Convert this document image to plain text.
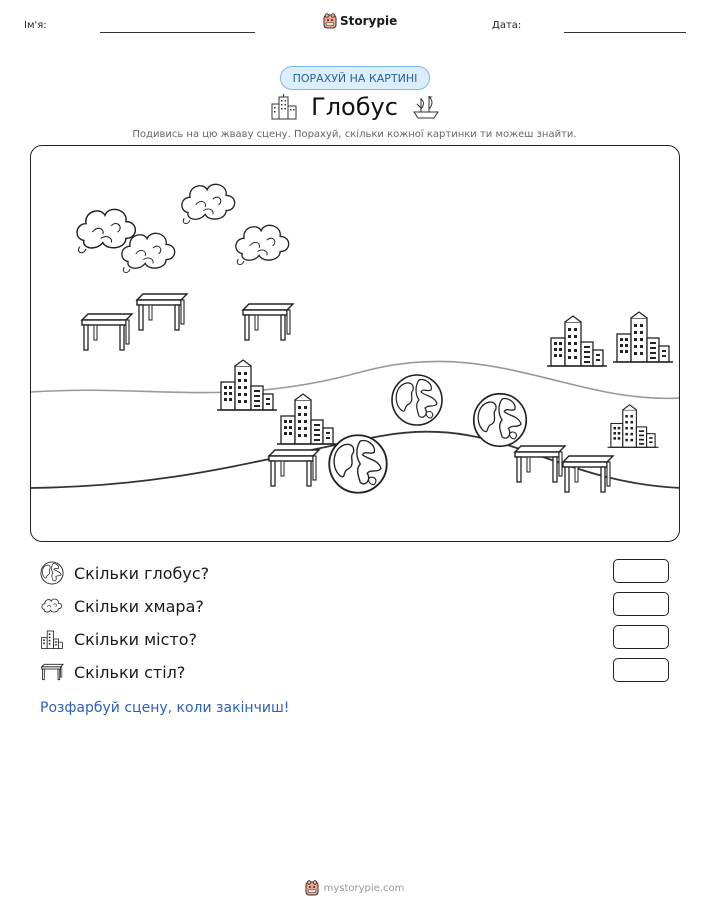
Ім'я:	Storypie	Дата:
ПОРАХУЙ НА КАРТИНІ
Глобус
Подивись на цю жваву сцену. Порахуй, скільки кожної картинки ти можеш знайти.
Скільки глобус?
Скільки хмара?
Скільки місто?
Скільки стіл?
Розфарбуй сцену, коли закінчиш!
mystorypie.com
